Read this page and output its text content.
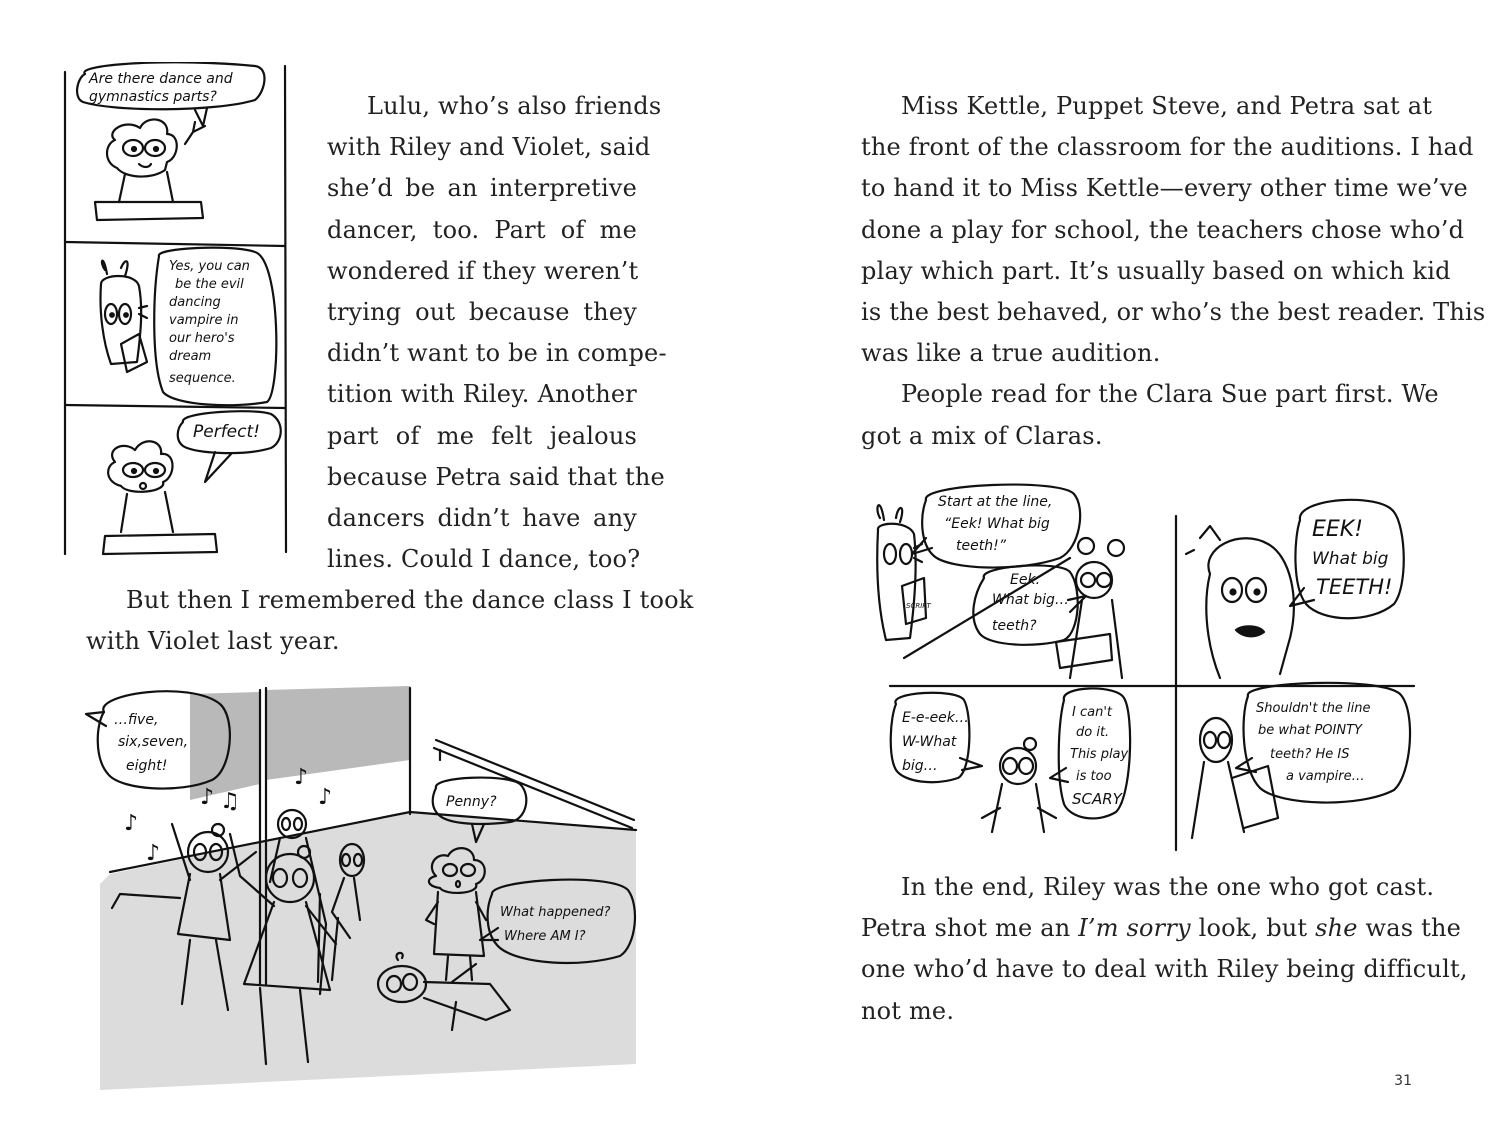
Are there dance and
gymnastics parts?
Yes, you can
be the evil
dancing
vampire in
our hero's
dream
sequence.
Perfect!
Lulu, who’s also friends
with Riley and Violet, said
she’d be an interpretive
dancer, too. Part of me
wondered if they weren’t
trying out because they
didn’t want to be in compe-
tition with Riley. Another
part of me felt jealous
because Petra said that the
dancers didn’t have any
lines. Could I dance, too?
But then I remembered the dance class I took
with Violet last year.
…five,
six,seven,
eight!
Penny?
What happened?
Where AM I?
♪ ♫
♪
♪
♪
♪
Miss Kettle, Puppet Steve, and Petra sat at
the front of the classroom for the auditions. I had
to hand it to Miss Kettle—every other time we’ve
done a play for school, the teachers chose who’d
play which part. It’s usually based on which kid
is the best behaved, or who’s the best reader. This
was like a true audition.
People read for the Clara Sue part first. We
got a mix of Claras.
Start at the line,
“Eek! What big
teeth!”
SCRIPT
Eek.
What big…
teeth?
EEK!
What big
TEETH!
E-e-eek…
W-What
big…
I can't
do it.
This play
is too
SCARY.
Shouldn't the line
be what POINTY
teeth? He IS
a vampire…
In the end, Riley was the one who got cast.
Petra shot me an I’m sorry look, but she was the
one who’d have to deal with Riley being difficult,
not me.
31
